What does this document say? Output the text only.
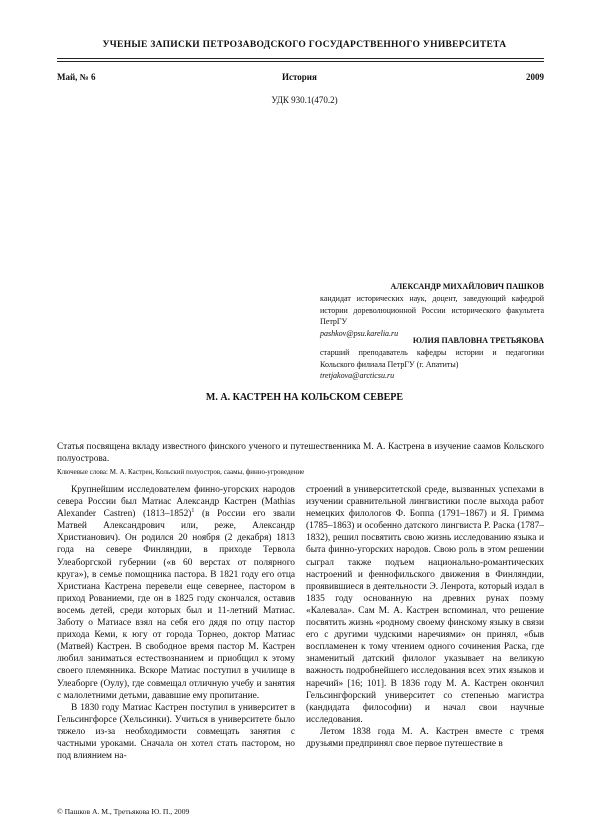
УЧЕНЫЕ ЗАПИСКИ ПЕТРОЗАВОДСКОГО ГОСУДАРСТВЕННОГО УНИВЕРСИТЕТА
Май, № 6	История	2009
УДК 930.1(470.2)
АЛЕКСАНДР МИХАЙЛОВИЧ ПАШКОВ
кандидат исторических наук, доцент, заведующий кафедрой истории дореволюционной России исторического факультета ПетрГУ
pashkov@psu.karelia.ru
ЮЛИЯ ПАВЛОВНА ТРЕТЬЯКОВА
старший преподаватель кафедры истории и педагогики Кольского филиала ПетрГУ (г. Апатиты)
tretjakova@arcticsu.ru
М. А. КАСТРЕН НА КОЛЬСКОМ СЕВЕРЕ
Статья посвящена вкладу известного финского ученого и путешественника М. А. Кастрена в изучение саамов Кольского полуострова.
Ключевые слова: М. А. Кастрен, Кольский полуостров, саамы, финно-угроведение

Крупнейшим исследователем финно-угорских народов севера России был Матиас Александр Кастрен (Mathias Alexander Castren) (1813–1852)$^1$ (в России его звали Матвей Александрович или, реже, Александр Христианович). Он родился 20 ноября (2 декабря) 1813 года на севере Финляндии, в приходе Тервола Улеаборгской губернии («в 60 верстах от полярного круга»), в семье помощника пастора. В 1821 году его отца Христиана Кастрена перевели еще севернее, пастором в приход Рованиеми, где он в 1825 году скончался, оставив восемь детей, среди которых был и 11-летний Матиас. Заботу о Матиасе взял на себя его дядя по отцу пастор прихода Кеми, к югу от города Торнео, доктор Матиас (Матвей) Кастрен. В свободное время пастор М. Кастрен любил заниматься естествознанием и приобщил к этому своего племянника. Вскоре Матиас поступил в училище в Улеаборге (Оулу), где совмещал отличную учебу и занятия с малолетними детьми, дававшие ему пропитание.

В 1830 году Матиас Кастрен поступил в университет в Гельсингфорсе (Хельсинки). Учиться в университете было тяжело из-за необходимости совмещать занятия с частными уроками. Сначала он хотел стать пастором, но под влиянием на-

строений в университетской среде, вызванных успехами в изучении сравнительной лингвистики после выхода работ немецких филологов Ф. Боппа (1791–1867) и Я. Гримма (1785–1863) и особенно датского лингвиста Р. Раска (1787–1832), решил посвятить свою жизнь исследованию языка и быта финно-угорских народов. Свою роль в этом решении сыграл также подъем национально-романтических настроений и феннофильского движения в Финляндии, проявившиеся в деятельности Э. Ленрота, который издал в 1835 году основанную на древних рунах поэму «Калевала». Сам М. А. Кастрен вспоминал, что решение посвятить жизнь «родному своему финскому языку в связи его с другими чудскими наречиями» он принял, «быв воспламенен к тому чтением одного сочинения Раска, где знаменитый датский филолог указывает на великую важность подробнейшего исследования всех этих языков и наречий» [16; 101]. В 1836 году М. А. Кастрен окончил Гельсингфорский университет со степенью магистра (кандидата философии) и начал свои научные исследования.

Летом 1838 года М. А. Кастрен вместе с тремя друзьями предпринял свое первое путешествие в

© Пашков А. М., Третьякова Ю. П., 2009
